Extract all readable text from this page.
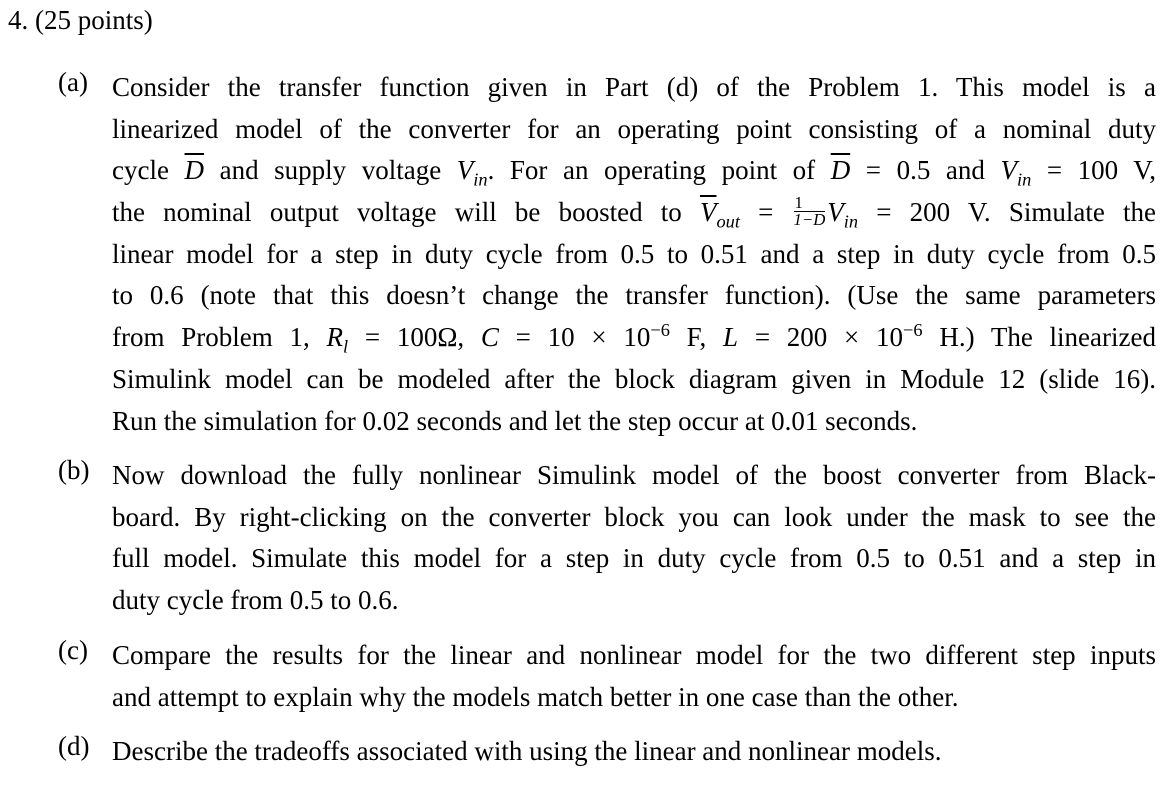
4. (25 points)
(a) Consider the transfer function given in Part (d) of the Problem 1. This model is a
linearized model of the converter for an operating point consisting of a nominal duty
cycle $\overline{D}$ and supply voltage $V_{in}$. For an operating point of $\overline{D} = 0.5$ and $V_{in} = 100$ V,
the nominal output voltage will be boosted to $\overline{V}_{out} = \frac{1}{1-D} V_{in} = 200$ V. Simulate the
linear model for a step in duty cycle from 0.5 to 0.51 and a step in duty cycle from 0.5
to 0.6 (note that this doesn’t change the transfer function). (Use the same parameters
from Problem 1, $R_l = 100\Omega$, $C = 10 \times 10^{-6}$ F, $L = 200 \times 10^{-6}$ H.) The linearized
Simulink model can be modeled after the block diagram given in Module 12 (slide 16).
Run the simulation for 0.02 seconds and let the step occur at 0.01 seconds.
(b) Now download the fully nonlinear Simulink model of the boost converter from Black-
board. By right-clicking on the converter block you can look under the mask to see the
full model. Simulate this model for a step in duty cycle from 0.5 to 0.51 and a step in
duty cycle from 0.5 to 0.6.
(c) Compare the results for the linear and nonlinear model for the two different step inputs
and attempt to explain why the models match better in one case than the other.
(d) Describe the tradeoffs associated with using the linear and nonlinear models.
